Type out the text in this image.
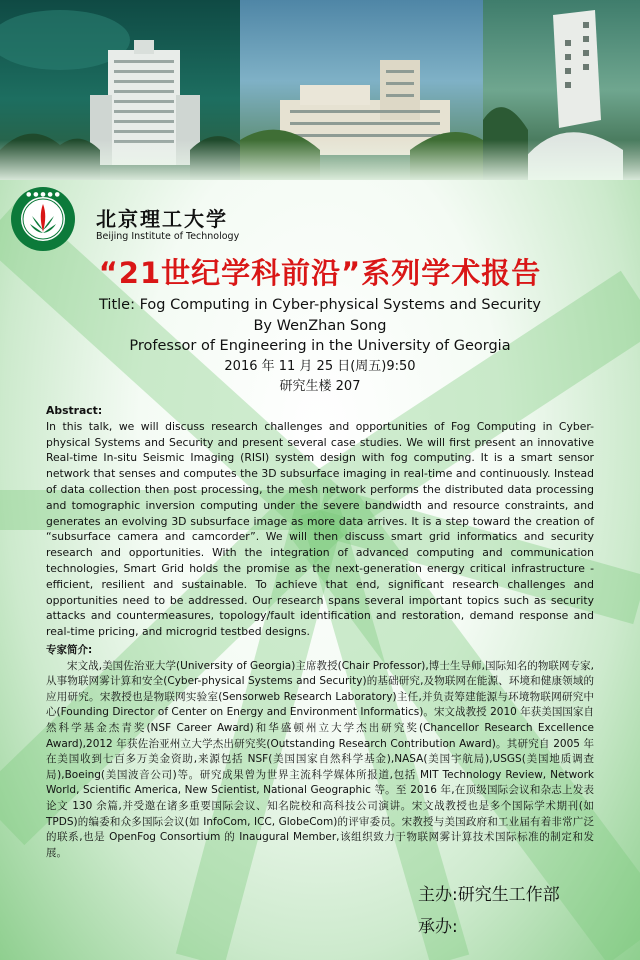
● ● ● ● ●
北京理工大学
Beijing Institute of Technology
“21世纪学科前沿”系列学术报告
Title: Fog Computing in Cyber-physical Systems and Security
By WenZhan Song
Professor of Engineering in the University of Georgia
2016 年 11 月 25 日(周五)9:50
研究生楼 207
Abstract:
In this talk, we will discuss research challenges and opportunities of Fog Computing in Cyber-physical Systems and Security and present several case studies. We will first present an innovative Real-time In-situ Seismic Imaging (RISI) system design with fog computing. It is a smart sensor network that senses and computes the 3D subsurface imaging in real-time and continuously. Instead of data collection then post processing, the mesh network performs the distributed data processing and tomographic inversion computing under the severe bandwidth and resource constraints, and generates an evolving 3D subsurface image as more data arrives. It is a step toward the creation of “subsurface camera and camcorder”. We will then discuss smart grid informatics and security research and opportunities. With the integration of advanced computing and communication technologies, Smart Grid holds the promise as the next-generation energy critical infrastructure - efficient, resilient and sustainable. To achieve that end, significant research challenges and opportunities need to be addressed. Our research spans several important topics such as security attacks and countermeasures, topology/fault identification and restoration, demand response and real-time pricing, and microgrid testbed designs.
专家简介:
宋文战,美国佐治亚大学(University of Georgia)主席教授(Chair Professor),博士生导师,国际知名的物联网专家,从事物联网雾计算和安全(Cyber-physical Systems and Security)的基础研究,及物联网在能源、环境和健康领域的应用研究。宋教授也是物联网实验室(Sensorweb Research Laboratory)主任,并负责筹建能源与环境物联网研究中心(Founding Director of Center on Energy and Environment Informatics)。宋文战教授 2010 年获美国国家自然科学基金杰青奖(NSF Career Award)和华盛顿州立大学杰出研究奖(Chancellor Research Excellence Award),2012 年获佐治亚州立大学杰出研究奖(Outstanding Research Contribution Award)。其研究自 2005 年在美国收到七百多万美金资助,来源包括 NSF(美国国家自然科学基金),NASA(美国宇航局),USGS(美国地质调查局),Boeing(美国波音公司)等。研究成果曾为世界主流科学媒体所报道,包括 MIT Technology Review, Network World, Scientific America, New Scientist, National Geographic 等。至 2016 年,在顶级国际会议和杂志上发表论文 130 余篇,并受邀在诸多重要国际会议、知名院校和高科技公司演讲。宋文战教授也是多个国际学术期刊(如 TPDS)的编委和众多国际会议(如 InfoCom, ICC, GlobeCom)的评审委员。宋教授与美国政府和工业届有着非常广泛的联系,也是 OpenFog Consortium 的 Inaugural Member,该组织致力于物联网雾计算技术国际标准的制定和发展。
主办:研究生工作部
承办:
